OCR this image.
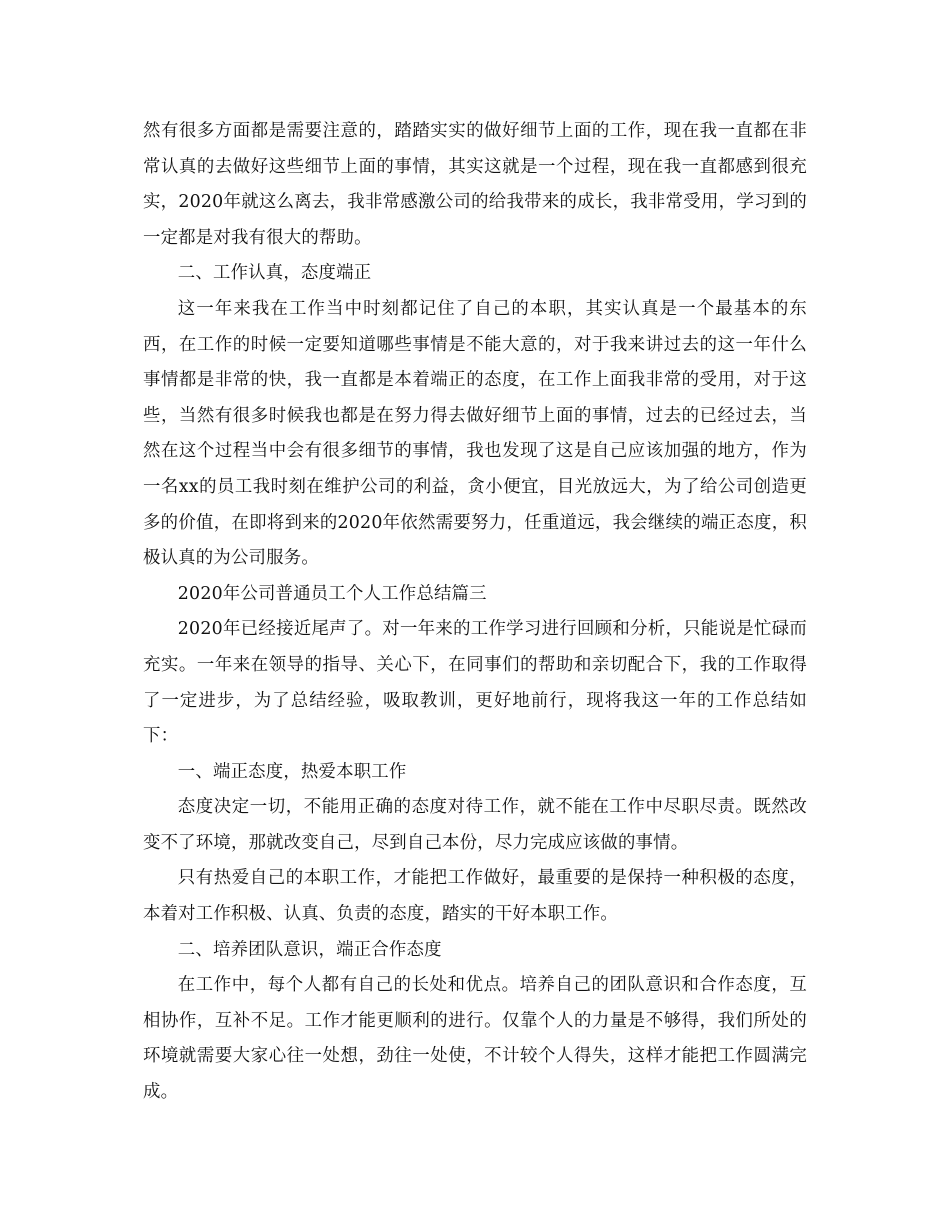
然有很多方面都是需要注意的，踏踏实实的做好细节上面的工作，现在我一直都在非常认真的去做好这些细节上面的事情，其实这就是一个过程，现在我一直都感到很充实，2020年就这么离去，我非常感激公司的给我带来的成长，我非常受用，学习到的一定都是对我有很大的帮助。

二、工作认真，态度端正

这一年来我在工作当中时刻都记住了自己的本职，其实认真是一个最基本的东西，在工作的时候一定要知道哪些事情是不能大意的，对于我来讲过去的这一年什么事情都是非常的快，我一直都是本着端正的态度，在工作上面我非常的受用，对于这些，当然有很多时候我也都是在努力得去做好细节上面的事情，过去的已经过去，当然在这个过程当中会有很多细节的事情，我也发现了这是自己应该加强的地方，作为一名xx的员工我时刻在维护公司的利益，贪小便宜，目光放远大，为了给公司创造更多的价值，在即将到来的2020年依然需要努力，任重道远，我会继续的端正态度，积极认真的为公司服务。

2020年公司普通员工个人工作总结篇三

2020年已经接近尾声了。对一年来的工作学习进行回顾和分析，只能说是忙碌而充实。一年来在领导的指导、关心下，在同事们的帮助和亲切配合下，我的工作取得了一定进步，为了总结经验，吸取教训，更好地前行，现将我这一年的工作总结如下：

一、端正态度，热爱本职工作

态度决定一切，不能用正确的态度对待工作，就不能在工作中尽职尽责。既然改变不了环境，那就改变自己，尽到自己本份，尽力完成应该做的事情。

只有热爱自己的本职工作，才能把工作做好，最重要的是保持一种积极的态度，本着对工作积极、认真、负责的态度，踏实的干好本职工作。

二、培养团队意识，端正合作态度

在工作中，每个人都有自己的长处和优点。培养自己的团队意识和合作态度，互相协作，互补不足。工作才能更顺利的进行。仅靠个人的力量是不够得，我们所处的环境就需要大家心往一处想，劲往一处使，不计较个人得失，这样才能把工作圆满完成。
